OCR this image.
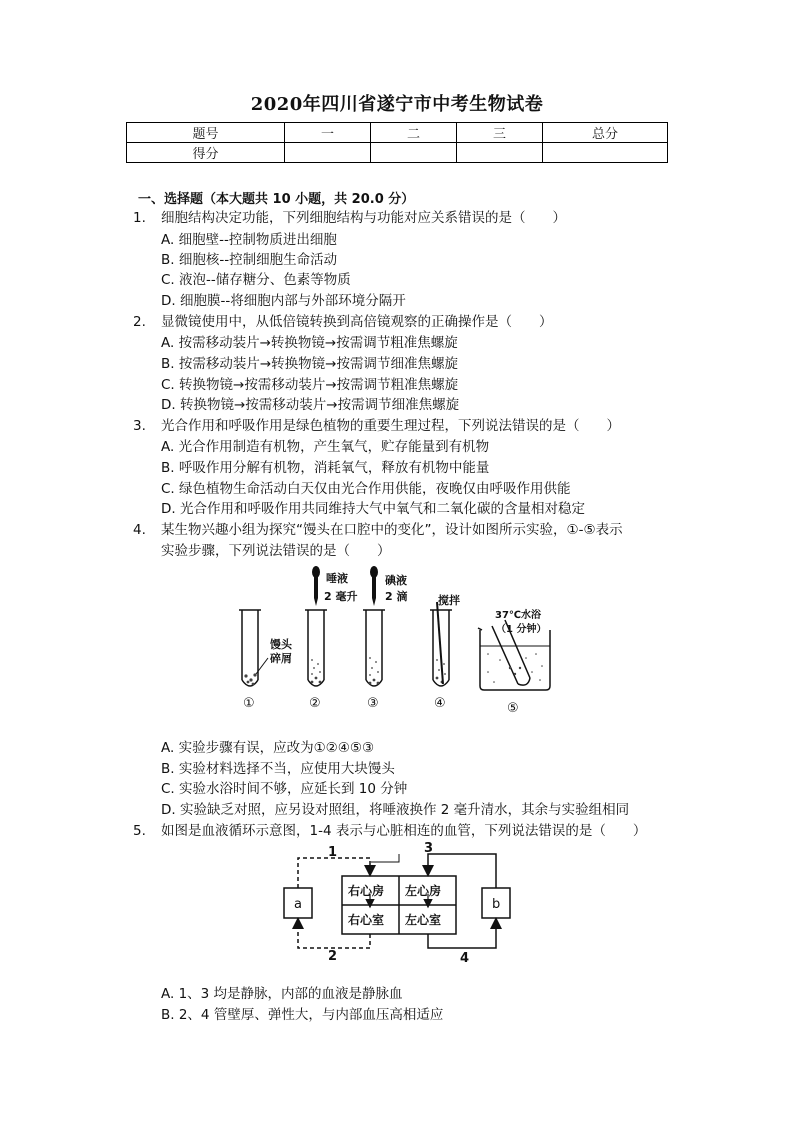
2020年四川省遂宁市中考生物试卷
题号	一	二	三	总分
得分				
一、选择题（本大题共 10 小题，共 20.0 分）
1. 细胞结构决定功能，下列细胞结构与功能对应关系错误的是（　　）
A. 细胞壁--控制物质进出细胞
B. 细胞核--控制细胞生命活动
C. 液泡--储存糖分、色素等物质
D. 细胞膜--将细胞内部与外部环境分隔开
2. 显微镜使用中，从低倍镜转换到高倍镜观察的正确操作是（　　）
A. 按需移动装片→转换物镜→按需调节粗准焦螺旋
B. 按需移动装片→转换物镜→按需调节细准焦螺旋
C. 转换物镜→按需移动装片→按需调节粗准焦螺旋
D. 转换物镜→按需移动装片→按需调节细准焦螺旋
3. 光合作用和呼吸作用是绿色植物的重要生理过程，下列说法错误的是（　　）
A. 光合作用制造有机物，产生氧气，贮存能量到有机物
B. 呼吸作用分解有机物，消耗氧气，释放有机物中能量
C. 绿色植物生命活动白天仅由光合作用供能，夜晚仅由呼吸作用供能
D. 光合作用和呼吸作用共同维持大气中氧气和二氧化碳的含量相对稳定
4. 某生物兴趣小组为探究“馒头在口腔中的变化”，设计如图所示实验，①-⑤表示
实验步骤，下列说法错误的是（　　）
馒头
碎屑
唾液
2 毫升
碘液
2 滴	搅拌
37℃水浴
（1 分钟）
①	②	③	④	⑤
A. 实验步骤有误，应改为①②④⑤③
B. 实验材料选择不当，应使用大块馒头
C. 实验水浴时间不够，应延长到 10 分钟
D. 实验缺乏对照，应另设对照组，将唾液换作 2 毫升清水，其余与实验组相同
5. 如图是血液循环示意图，1-4 表示与心脏相连的血管，下列说法错误的是（　　）
右心房 左心房
右心室 左心室
a	b
1
2
3
4
A. 1、3 均是静脉，内部的血液是静脉血
B. 2、4 管壁厚、弹性大，与内部血压高相适应
